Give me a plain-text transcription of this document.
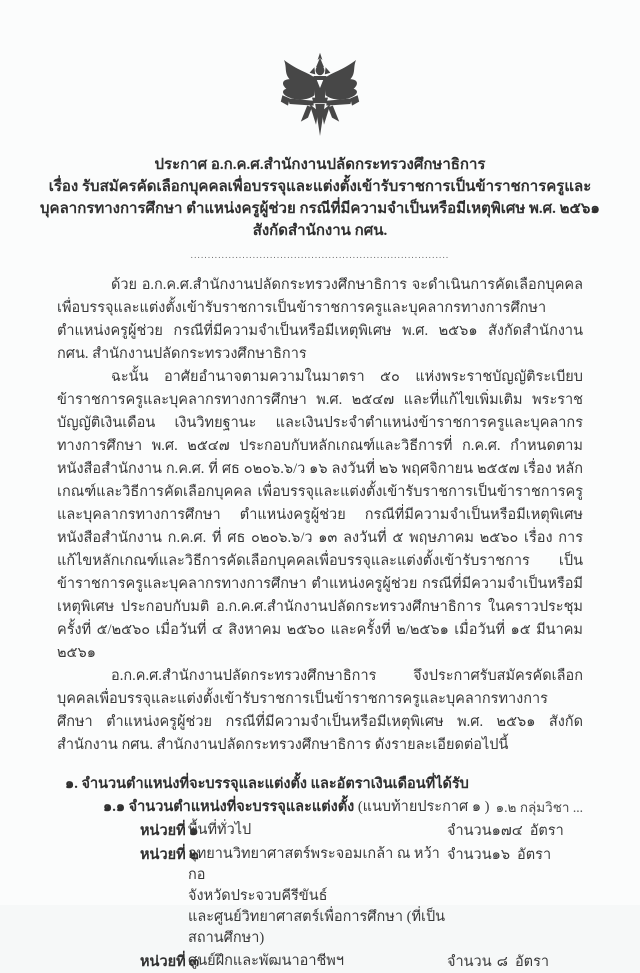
ประกาศ อ.ก.ค.ศ.สำนักงานปลัดกระทรวงศึกษาธิการ
เรื่อง รับสมัครคัดเลือกบุคคลเพื่อบรรจุและแต่งตั้งเข้ารับราชการเป็นข้าราชการครูและ
บุคลากรทางการศึกษา ตำแหน่งครูผู้ช่วย กรณีที่มีความจำเป็นหรือมีเหตุพิเศษ พ.ศ. ๒๕๖๑
สังกัดสำนักงาน กศน.
...........................................................................

ด้วย อ.ก.ค.ศ.สำนักงานปลัดกระทรวงศึกษาธิการ จะดำเนินการคัดเลือกบุคคลเพื่อบรรจุและแต่งตั้งเข้ารับราชการเป็นข้าราชการครูและบุคลากรทางการศึกษา ตำแหน่งครูผู้ช่วย กรณีที่มีความจำเป็นหรือมีเหตุพิเศษ พ.ศ. ๒๕๖๑ สังกัดสำนักงาน กศน. สำนักงานปลัดกระทรวงศึกษาธิการ

ฉะนั้น อาศัยอำนาจตามความในมาตรา ๕๐ แห่งพระราชบัญญัติระเบียบข้าราชการครูและบุคลากรทางการศึกษา พ.ศ. ๒๕๔๗ และที่แก้ไขเพิ่มเติม พระราชบัญญัติเงินเดือน เงินวิทยฐานะ และเงินประจำตำแหน่งข้าราชการครูและบุคลากรทางการศึกษา พ.ศ. ๒๕๔๗ ประกอบกับหลักเกณฑ์และวิธีการที่ ก.ค.ศ. กำหนดตามหนังสือสำนักงาน ก.ค.ศ. ที่ ศธ ๐๒๐๖.๖/ว ๑๖ ลงวันที่ ๒๖ พฤศจิกายน ๒๕๕๗ เรื่อง หลักเกณฑ์และวิธีการคัดเลือกบุคคล เพื่อบรรจุและแต่งตั้งเข้ารับราชการเป็นข้าราชการครูและบุคลากรทางการศึกษา ตำแหน่งครูผู้ช่วย กรณีที่มีความจำเป็นหรือมีเหตุพิเศษ หนังสือสำนักงาน ก.ค.ศ. ที่ ศธ ๐๒๐๖.๖/ว ๑๓ ลงวันที่ ๕ พฤษภาคม ๒๕๖๐ เรื่อง การแก้ไขหลักเกณฑ์และวิธีการคัดเลือกบุคคลเพื่อบรรจุและแต่งตั้งเข้ารับราชการ เป็นข้าราชการครูและบุคลากรทางการศึกษา ตำแหน่งครูผู้ช่วย กรณีที่มีความจำเป็นหรือมีเหตุพิเศษ ประกอบกับมติ อ.ก.ค.ศ.สำนักงานปลัดกระทรวงศึกษาธิการ ในคราวประชุมครั้งที่ ๕/๒๕๖๐ เมื่อวันที่ ๔ สิงหาคม ๒๕๖๐ และครั้งที่ ๒/๒๕๖๑ เมื่อวันที่ ๑๕ มีนาคม ๒๕๖๑

อ.ก.ค.ศ.สำนักงานปลัดกระทรวงศึกษาธิการ จึงประกาศรับสมัครคัดเลือกบุคคลเพื่อบรรจุและแต่งตั้งเข้ารับราชการเป็นข้าราชการครูและบุคลากรทางการศึกษา ตำแหน่งครูผู้ช่วย กรณีที่มีความจำเป็นหรือมีเหตุพิเศษ พ.ศ. ๒๕๖๑ สังกัดสำนักงาน กศน. สำนักงานปลัดกระทรวงศึกษาธิการ ดังรายละเอียดต่อไปนี้

๑. จำนวนตำแหน่งที่จะบรรจุและแต่งตั้ง และอัตราเงินเดือนที่ได้รับ
๑.๑ จำนวนตำแหน่งที่จะบรรจุและแต่งตั้ง (แนบท้ายประกาศ ๑ )
หน่วยที่ ๑
พื้นที่ทั่วไป	จำนวน ๑๗๔ อัตรา
หน่วยที่ ๒
อุทยานวิทยาศาสตร์พระจอมเกล้า ณ หว้ากอ
จังหวัดประจวบคีรีขันธ์
และศูนย์วิทยาศาสตร์เพื่อการศึกษา (ที่เป็นสถานศึกษา)
จำนวน ๑๖ อัตรา
หน่วยที่ ๓
ศูนย์ฝึกและพัฒนาอาชีพฯ	จำนวน ๘ อัตรา
๑.๒ กลุ่มวิชา ...
